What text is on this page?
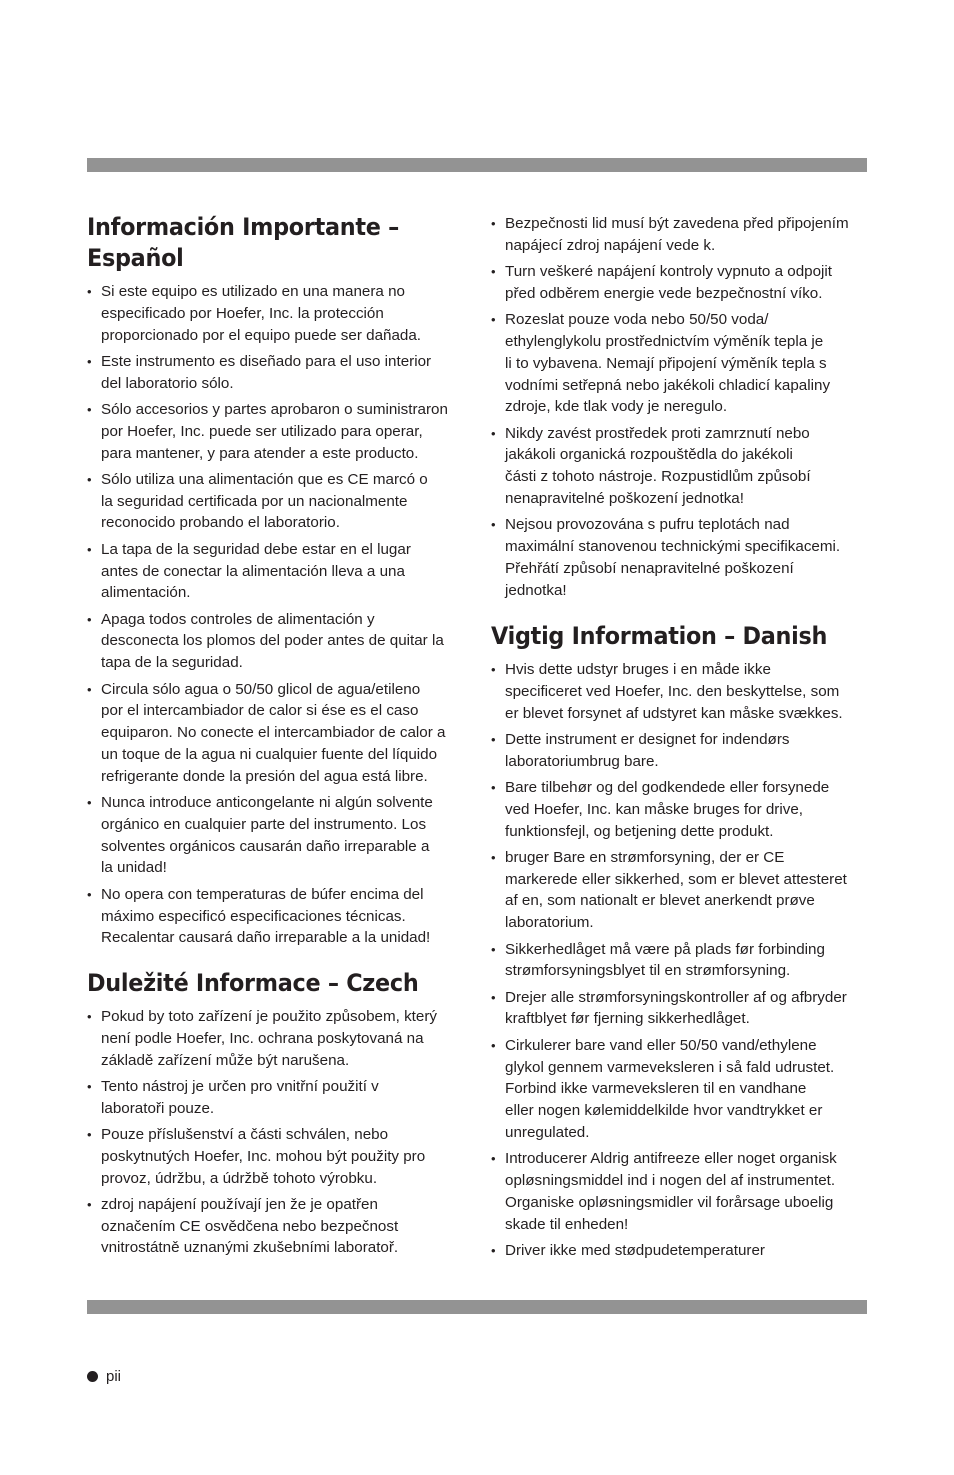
Información Importante –
Español
• Si este equipo es utilizado en una manera no
especificado por Hoefer, Inc. la protección
proporcionado por el equipo puede ser dañada.
• Este instrumento es diseñado para el uso interior
del laboratorio sólo.
• Sólo accesorios y partes aprobaron o suministraron
por Hoefer, Inc. puede ser utilizado para operar,
para mantener, y para atender a este producto.
• Sólo utiliza una alimentación que es CE marcó o
la seguridad certificada por un nacionalmente
reconocido probando el laboratorio.
• La tapa de la seguridad debe estar en el lugar
antes de conectar la alimentación lleva a una
alimentación.
• Apaga todos controles de alimentación y
desconecta los plomos del poder antes de quitar la
tapa de la seguridad.
• Circula sólo agua o 50/50 glicol de agua/etileno
por el intercambiador de calor si ése es el caso
equiparon. No conecte el intercambiador de calor a
un toque de la agua ni cualquier fuente del líquido
refrigerante donde la presión del agua está libre.
• Nunca introduce anticongelante ni algún solvente
orgánico en cualquier parte del instrumento. Los
solventes orgánicos causarán daño irreparable a
la unidad!
• No opera con temperaturas de búfer encima del
máximo especificó especificaciones técnicas.
Recalentar causará daño irreparable a la unidad!
Duležité Informace – Czech
• Pokud by toto zařízení je použito způsobem, který
není podle Hoefer, Inc. ochrana poskytovaná na
základě zařízení může být narušena.
• Tento nástroj je určen pro vnitřní použití v
laboratoři pouze.
• Pouze příslušenství a části schválen, nebo
poskytnutých Hoefer, Inc. mohou být použity pro
provoz, údržbu, a údržbě tohoto výrobku.
• zdroj napájení používají jen že je opatřen
označením CE osvědčena nebo bezpečnost
vnitrostátně uznanými zkušebními laboratoř.
• Bezpečnosti lid musí být zavedena před připojením
napájecí zdroj napájení vede k.
• Turn veškeré napájení kontroly vypnuto a odpojit
před odběrem energie vede bezpečnostní víko.
• Rozeslat pouze voda nebo 50/50 voda/
ethylenglykolu prostřednictvím výměník tepla je
li to vybavena. Nemají připojení výměník tepla s
vodními setřepná nebo jakékoli chladicí kapaliny
zdroje, kde tlak vody je neregulo.
• Nikdy zavést prostředek proti zamrznutí nebo
jakákoli organická rozpouštědla do jakékoli
části z tohoto nástroje. Rozpustidlům způsobí
nenapravitelné poškození jednotka!
• Nejsou provozována s pufru teplotách nad
maximální stanovenou technickými specifikacemi.
Přehřátí způsobí nenapravitelné poškození
jednotka!
Vigtig Information – Danish
• Hvis dette udstyr bruges i en måde ikke
specificeret ved Hoefer, Inc. den beskyttelse, som
er blevet forsynet af udstyret kan måske svækkes.
• Dette instrument er designet for indendørs
laboratoriumbrug bare.
• Bare tilbehør og del godkendede eller forsynede
ved Hoefer, Inc. kan måske bruges for drive,
funktionsfejl, og betjening dette produkt.
• bruger Bare en strømforsyning, der er CE
markerede eller sikkerhed, som er blevet attesteret
af en, som nationalt er blevet anerkendt prøve
laboratorium.
• Sikkerhedlåget må være på plads før forbinding
strømforsyningsblyet til en strømforsyning.
• Drejer alle strømforsyningskontroller af og afbryder
kraftblyet før fjerning sikkerhedlåget.
• Cirkulerer bare vand eller 50/50 vand/ethylene
glykol gennem varmeveksleren i så fald udrustet.
Forbind ikke varmeveksleren til en vandhane
eller nogen kølemiddelkilde hvor vandtrykket er
unregulated.
• Introducerer Aldrig antifreeze eller noget organisk
opløsningsmiddel ind i nogen del af instrumentet.
Organiske opløsningsmidler vil forårsage uboelig
skade til enheden!
• Driver ikke med stødpudetemperaturer
pii
